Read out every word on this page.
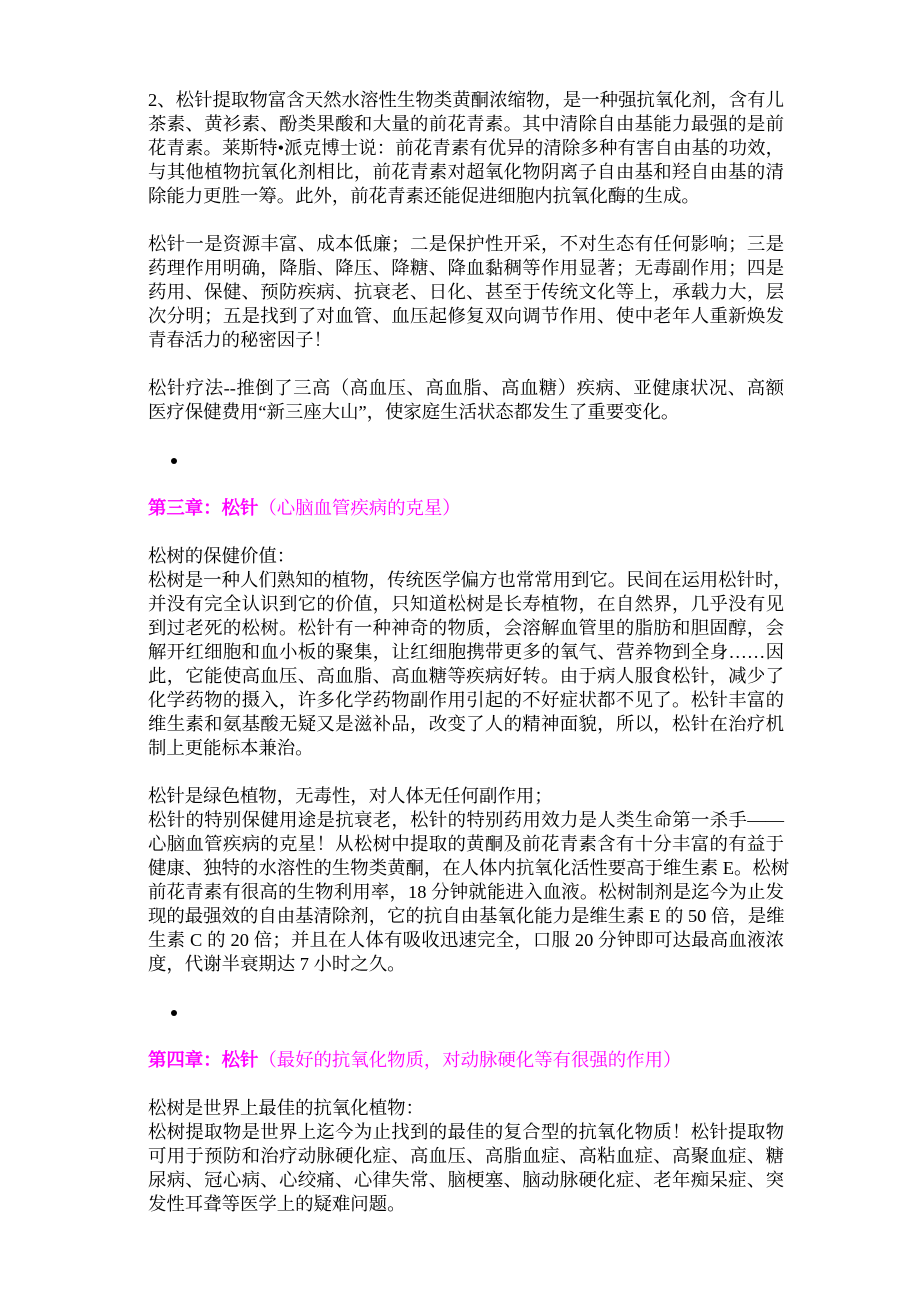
2、松针提取物富含天然水溶性生物类黄酮浓缩物，是一种强抗氧化剂，含有儿
茶素、黄衫素、酚类果酸和大量的前花青素。其中清除自由基能力最强的是前
花青素。莱斯特•派克博士说：前花青素有优异的清除多种有害自由基的功效，
与其他植物抗氧化剂相比，前花青素对超氧化物阴离子自由基和羟自由基的清
除能力更胜一筹。此外，前花青素还能促进细胞内抗氧化酶的生成。
松针一是资源丰富、成本低廉；二是保护性开采，不对生态有任何影响；三是
药理作用明确，降脂、降压、降糖、降血黏稠等作用显著；无毒副作用；四是
药用、保健、预防疾病、抗衰老、日化、甚至于传统文化等上，承载力大，层
次分明；五是找到了对血管、血压起修复双向调节作用、使中老年人重新焕发
青春活力的秘密因子！
松针疗法--推倒了三高（高血压、高血脂、高血糖）疾病、亚健康状况、高额
医疗保健费用“新三座大山”，使家庭生活状态都发生了重要变化。
第三章：松针（心脑血管疾病的克星）
松树的保健价值：
松树是一种人们熟知的植物，传统医学偏方也常常用到它。民间在运用松针时，
并没有完全认识到它的价值，只知道松树是长寿植物，在自然界，几乎没有见
到过老死的松树。松针有一种神奇的物质，会溶解血管里的脂肪和胆固醇，会
解开红细胞和血小板的聚集，让红细胞携带更多的氧气、营养物到全身……因
此，它能使高血压、高血脂、高血糖等疾病好转。由于病人服食松针，减少了
化学药物的摄入，许多化学药物副作用引起的不好症状都不见了。松针丰富的
维生素和氨基酸无疑又是滋补品，改变了人的精神面貌，所以，松针在治疗机
制上更能标本兼治。
松针是绿色植物，无毒性，对人体无任何副作用；
松针的特别保健用途是抗衰老，松针的特别药用效力是人类生命第一杀手——
心脑血管疾病的克星！从松树中提取的黄酮及前花青素含有十分丰富的有益于
健康、独特的水溶性的生物类黄酮，在人体内抗氧化活性要高于维生素 E。松树
前花青素有很高的生物利用率，18 分钟就能进入血液。松树制剂是迄今为止发
现的最强效的自由基清除剂，它的抗自由基氧化能力是维生素 E 的 50 倍，是维
生素 C 的 20 倍；并且在人体有吸收迅速完全，口服 20 分钟即可达最高血液浓
度，代谢半衰期达 7 小时之久。
第四章：松针（最好的抗氧化物质，对动脉硬化等有很强的作用）
松树是世界上最佳的抗氧化植物：
松树提取物是世界上迄今为止找到的最佳的复合型的抗氧化物质！松针提取物
可用于预防和治疗动脉硬化症、高血压、高脂血症、高粘血症、高聚血症、糖
尿病、冠心病、心绞痛、心律失常、脑梗塞、脑动脉硬化症、老年痴呆症、突
发性耳聋等医学上的疑难问题。
